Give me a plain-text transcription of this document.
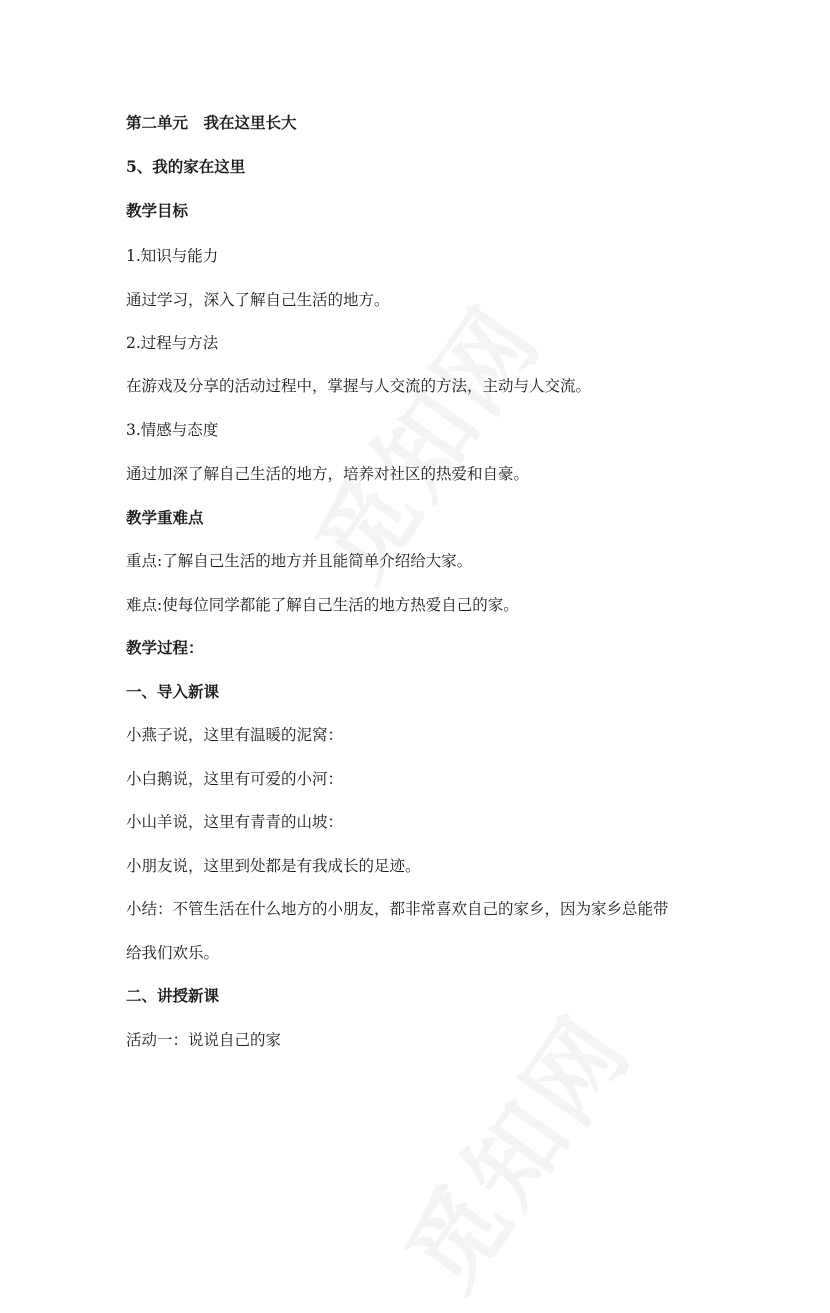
第二单元　我在这里长大
5、我的家在这里
教学目标
1.知识与能力
通过学习，深入了解自己生活的地方。
2.过程与方法
在游戏及分享的活动过程中，掌握与人交流的方法，主动与人交流。
3.情感与态度
通过加深了解自己生活的地方，培养对社区的热爱和自豪。
教学重难点
重点:了解自己生活的地方并且能简单介绍给大家。
难点:使每位同学都能了解自己生活的地方热爱自己的家。
教学过程：
一、导入新课
小燕子说，这里有温暖的泥窝：
小白鹅说，这里有可爱的小河：
小山羊说，这里有青青的山坡：
小朋友说，这里到处都是有我成长的足迹。
小结：不管生活在什么地方的小朋友，都非常喜欢自己的家乡，因为家乡总能带
给我们欢乐。
二、讲授新课
活动一：说说自己的家
